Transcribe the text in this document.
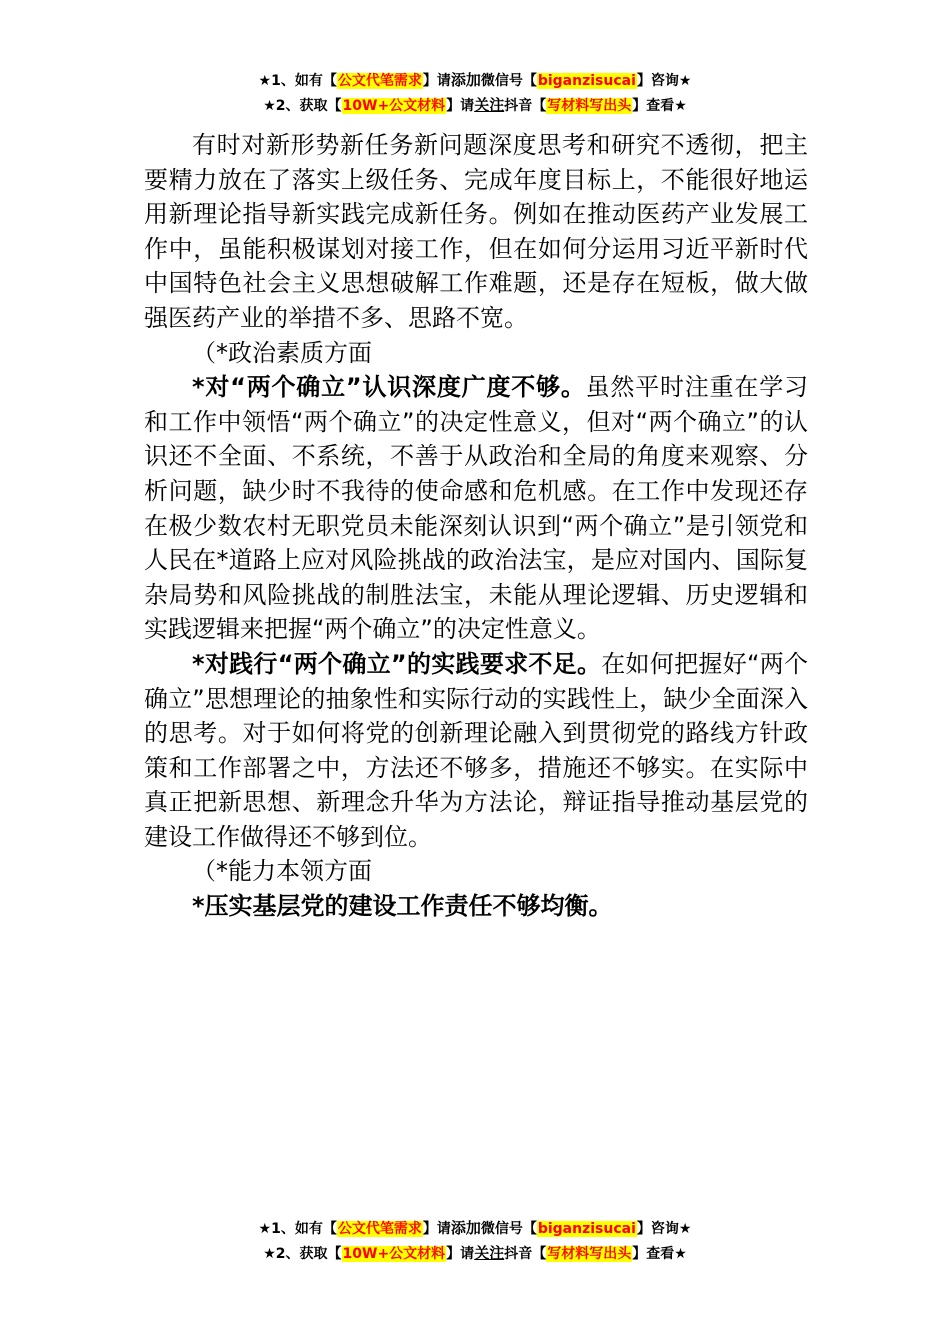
★1、如有【公文代笔需求】请添加微信号【biganzisucai】咨询★
★2、获取【10W+公文材料】请关注抖音【写材料写出头】查看★

有时对新形势新任务新问题深度思考和研究不透彻，把主要精力放在了落实上级任务、完成年度目标上，不能很好地运用新理论指导新实践完成新任务。例如在推动医药产业发展工作中，虽能积极谋划对接工作，但在如何分运用习近平新时代中国特色社会主义思想破解工作难题，还是存在短板，做大做强医药产业的举措不多、思路不宽。

（*政治素质方面

*对“两个确立”认识深度广度不够。虽然平时注重在学习和工作中领悟“两个确立”的决定性意义，但对“两个确立”的认识还不全面、不系统，不善于从政治和全局的角度来观察、分析问题，缺少时不我待的使命感和危机感。在工作中发现还存在极少数农村无职党员未能深刻认识到“两个确立”是引领党和人民在*道路上应对风险挑战的政治法宝，是应对国内、国际复杂局势和风险挑战的制胜法宝，未能从理论逻辑、历史逻辑和实践逻辑来把握“两个确立”的决定性意义。

*对践行“两个确立”的实践要求不足。在如何把握好“两个确立”思想理论的抽象性和实际行动的实践性上，缺少全面深入的思考。对于如何将党的创新理论融入到贯彻党的路线方针政策和工作部署之中，方法还不够多，措施还不够实。在实际中真正把新思想、新理念升华为方法论，辩证指导推动基层党的建设工作做得还不够到位。

（*能力本领方面

*压实基层党的建设工作责任不够均衡。

★1、如有【公文代笔需求】请添加微信号【biganzisucai】咨询★
★2、获取【10W+公文材料】请关注抖音【写材料写出头】查看★
